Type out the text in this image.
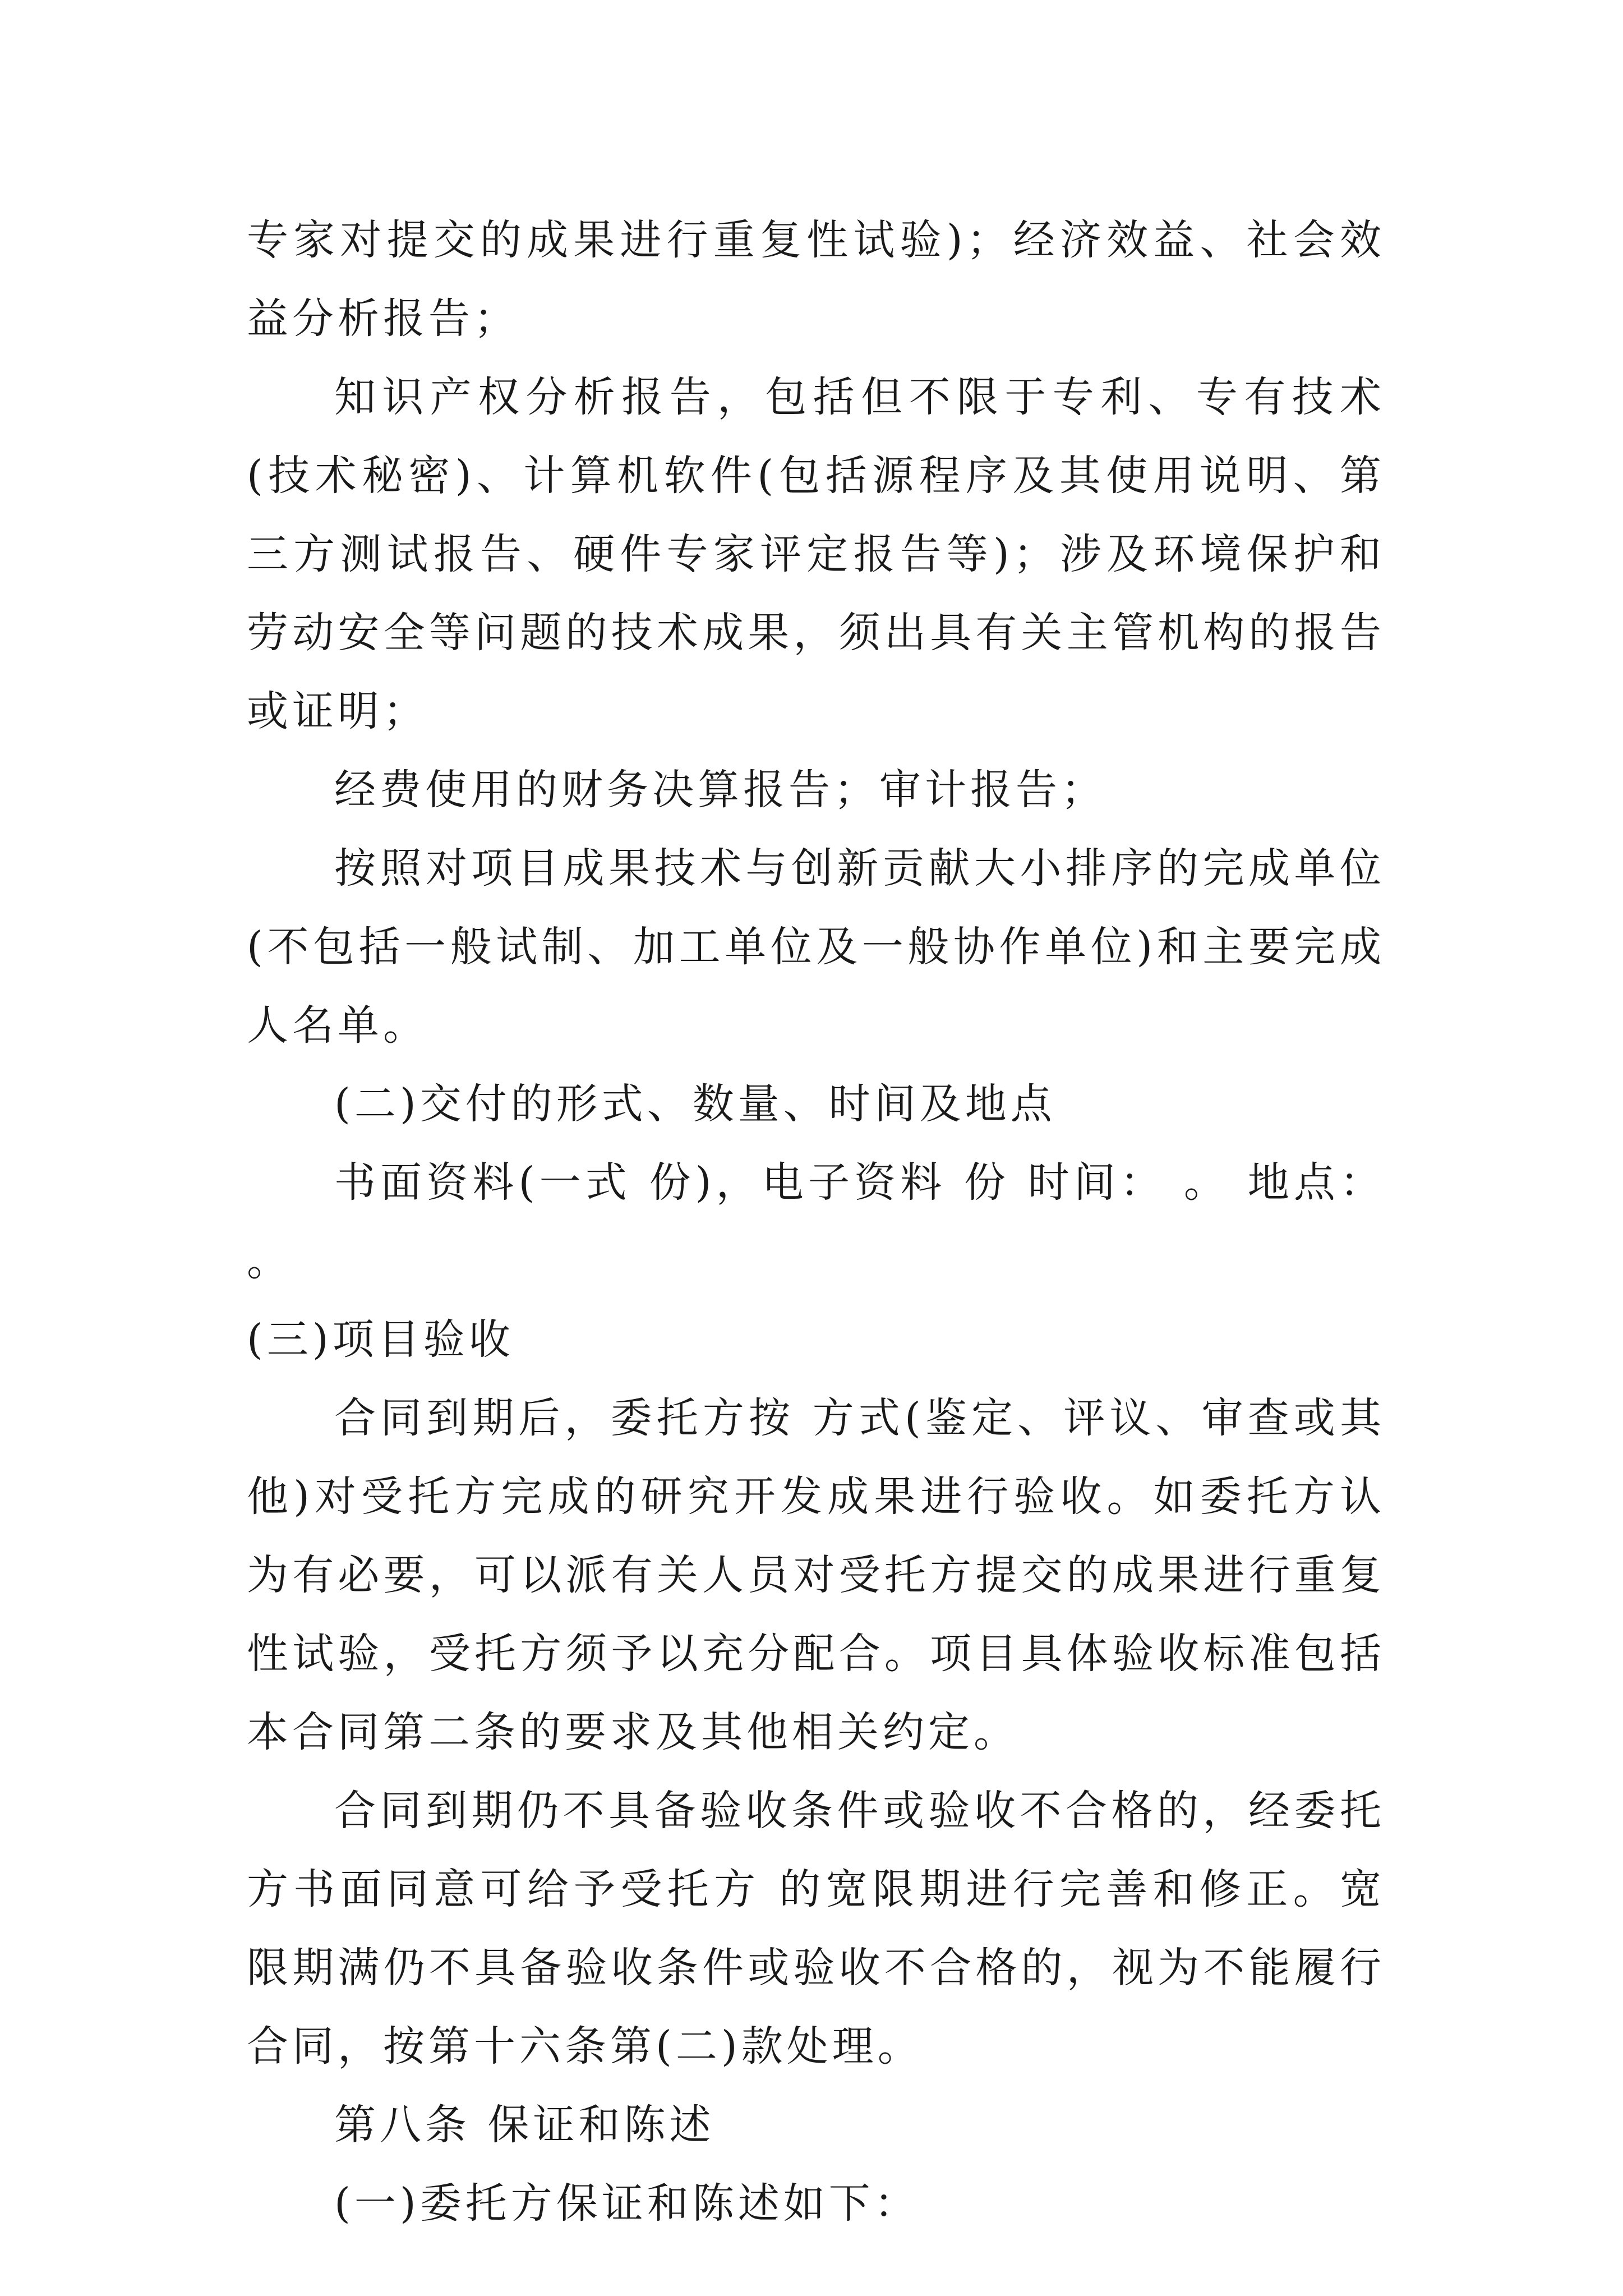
专家对提交的成果进行重复性试验)；经济效益、社会效益分析报告；

知识产权分析报告，包括但不限于专利、专有技术(技术秘密)、计算机软件(包括源程序及其使用说明、第三方测试报告、硬件专家评定报告等)；涉及环境保护和劳动安全等问题的技术成果，须出具有关主管机构的报告或证明；

经费使用的财务决算报告；审计报告；

按照对项目成果技术与创新贡献大小排序的完成单位(不包括一般试制、加工单位及一般协作单位)和主要完成人名单。

(二)交付的形式、数量、时间及地点

书面资料(一式 份)，电子资料 份 时间： 。 地点： 。

(三)项目验收

合同到期后，委托方按 方式(鉴定、评议、审查或其他)对受托方完成的研究开发成果进行验收。如委托方认为有必要，可以派有关人员对受托方提交的成果进行重复性试验，受托方须予以充分配合。项目具体验收标准包括本合同第二条的要求及其他相关约定。

合同到期仍不具备验收条件或验收不合格的，经委托方书面同意可给予受托方 的宽限期进行完善和修正。宽限期满仍不具备验收条件或验收不合格的，视为不能履行合同，按第十六条第(二)款处理。

第八条 保证和陈述

(一)委托方保证和陈述如下：
